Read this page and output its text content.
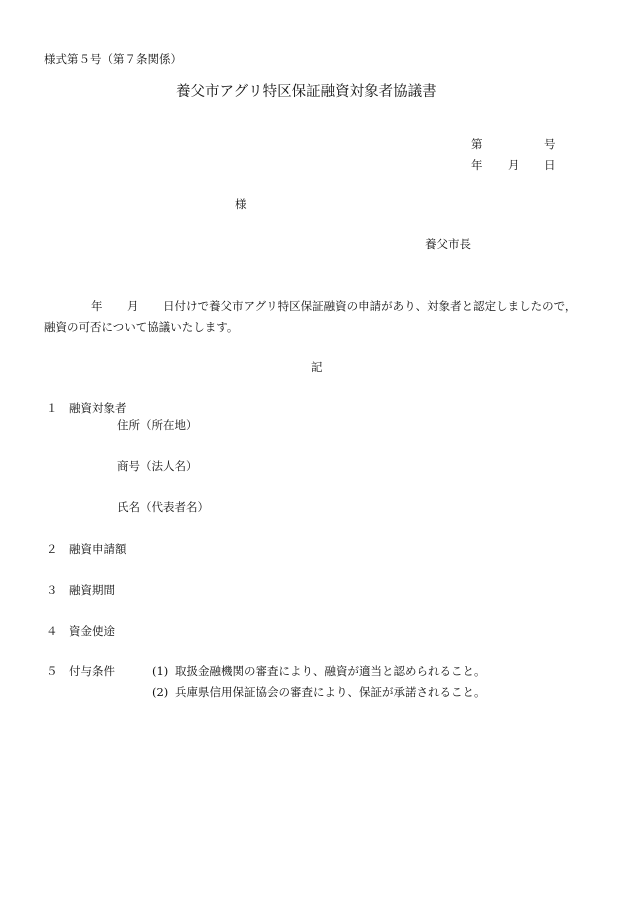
様式第５号（第７条関係）
養父市アグリ特区保証融資対象者協議書
第	号
年 月 日
様
養父市長
年 月 日付けで養父市アグリ特区保証融資の申請があり、対象者と認定しましたので，
融資の可否について協議いたします。
記
１ 融資対象者
住所（所在地）
商号（法人名）
氏名（代表者名）
２ 融資申請額
３ 融資期間
４ 資金使途
５ 付与条件	(1) 取扱金融機関の審査により、融資が適当と認められること。
(2) 兵庫県信用保証協会の審査により、保証が承諾されること。
